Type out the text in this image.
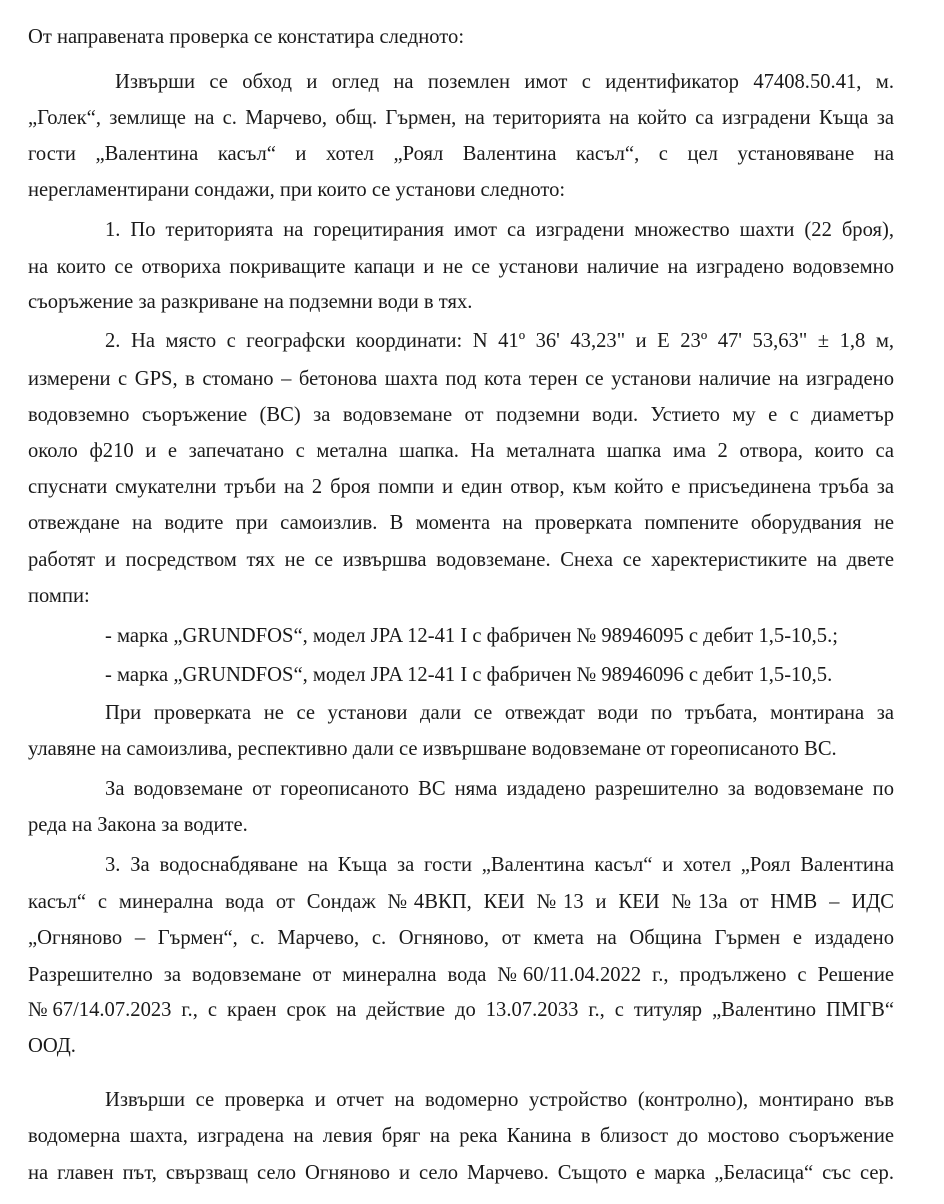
От направената проверка се констатира следното:
Извърши се обход и оглед на поземлен имот с идентификатор 47408.50.41, м.
„Голек“, землище на с. Марчево, общ. Гърмен, на територията на който са изградени Къща за
гости „Валентина касъл“ и хотел „Роял Валентина касъл“, с цел установяване на
нерегламентирани сондажи, при които се установи следното:
1. По територията на горецитирания имот са изградени множество шахти (22 броя),
на които се отвориха покриващите капаци и не се установи наличие на изградено водовземно
съоръжение за разкриване на подземни води в тях.
2. На място с географски координати: N 41º 36' 43,23" и E 23º 47' 53,63" ± 1,8 м,
измерени с GPS, в стомано – бетонова шахта под кота терен се установи наличие на изградено
водовземно съоръжение (ВС) за водовземане от подземни води. Устието му е с диаметър
около ф210 и е запечатано с метална шапка. На металната шапка има 2 отвора, които са
спуснати смукателни тръби на 2 броя помпи и един отвор, към който е присъединена тръба за
отвеждане на водите при самоизлив. В момента на проверката помпените оборудвания не
работят и посредством тях не се извършва водовземане. Снеха се харектеристиките на двете
помпи:
- марка „GRUNDFOS“, модел JPA 12-41 I с фабричен № 98946095 с дебит 1,5-10,5.;
- марка „GRUNDFOS“, модел JPA 12-41 I с фабричен № 98946096 с дебит 1,5-10,5.
При проверката не се установи дали се отвеждат води по тръбата, монтирана за
улавяне на самоизлива, респективно дали се извършване водовземане от гореописаното ВС.
За водовземане от гореописаното ВС няма издадено разрешително за водовземане по
реда на Закона за водите.
3. За водоснабдяване на Къща за гости „Валентина касъл“ и хотел „Роял Валентина
касъл“ с минерална вода от Сондаж №4ВКП, КЕИ №13 и КЕИ №13а от НМВ – ИДС
„Огняново – Гърмен“, с. Марчево, с. Огняново, от кмета на Община Гърмен е издадено
Разрешително за водовземане от минерална вода №60/11.04.2022 г., продължено с Решение
№67/14.07.2023 г., с краен срок на действие до 13.07.2033 г., с титуляр „Валентино ПМГВ“
ООД.
Извърши се проверка и отчет на водомерно устройство (контролно), монтирано във
водомерна шахта, изградена на левия бряг на река Канина в близост до мостово съоръжение
на главен път, свързващ село Огняново и село Марчево. Същото е марка „Беласица“ със сер.
